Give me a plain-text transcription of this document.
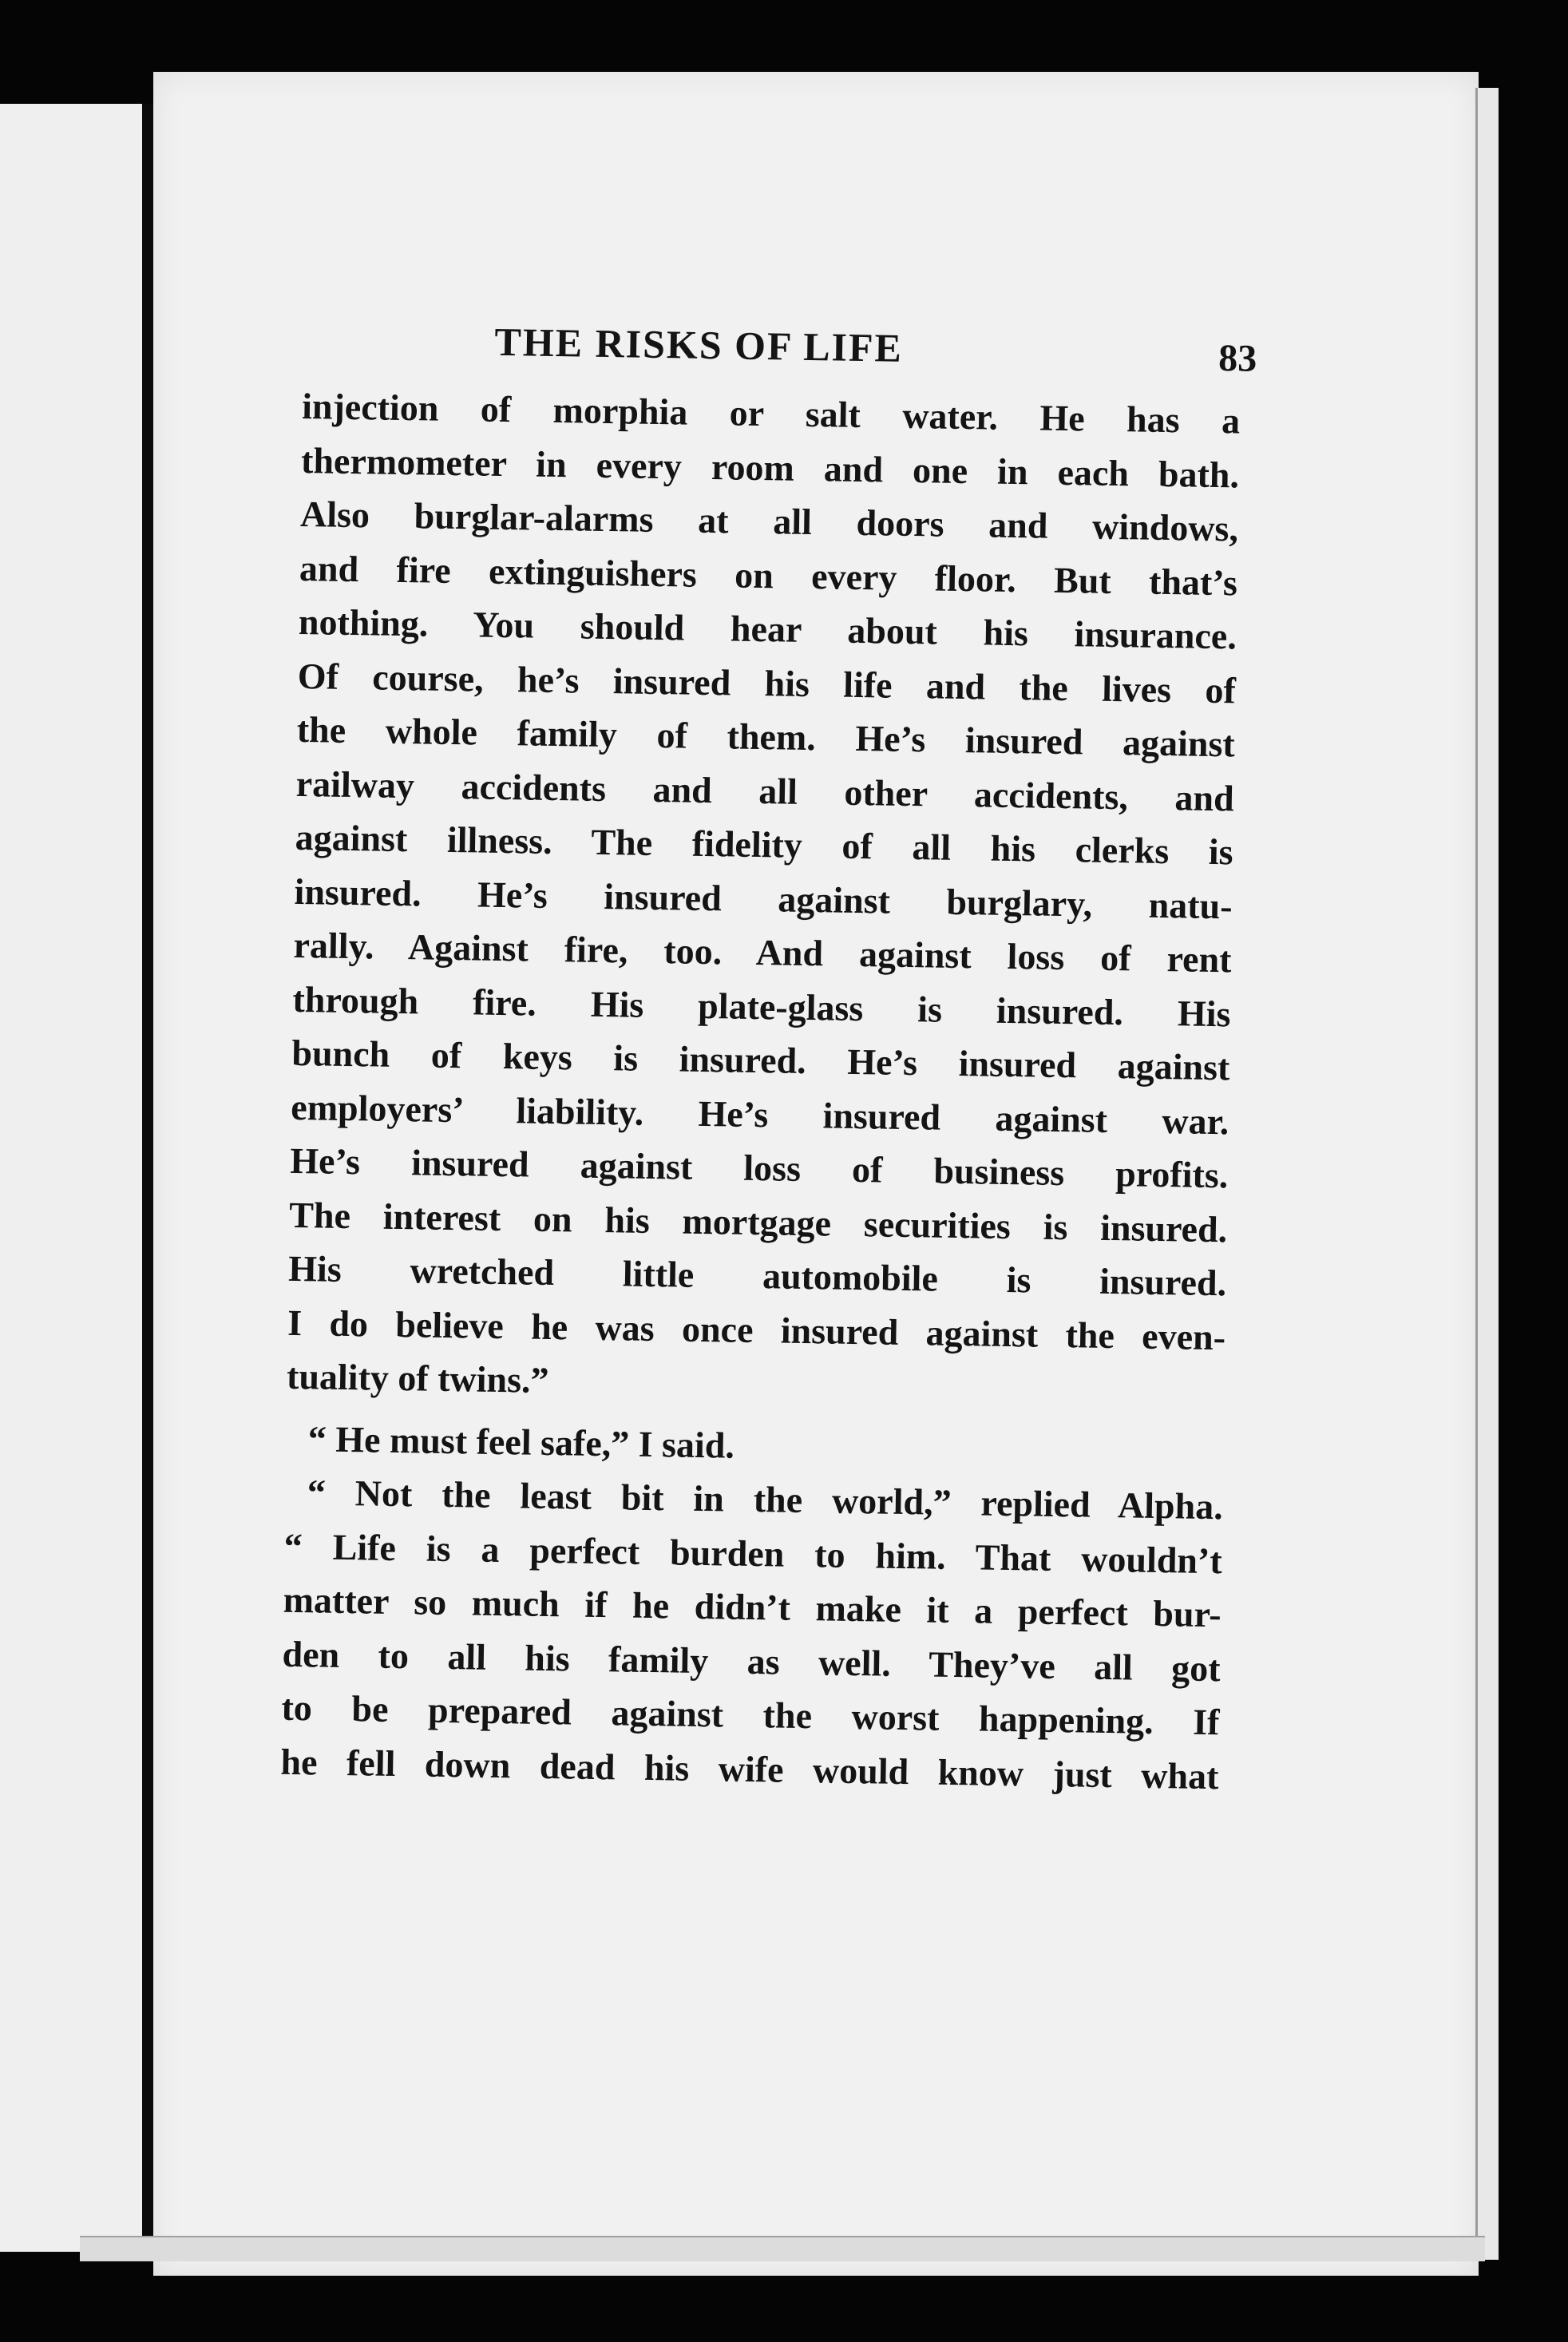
THE RISKS OF LIFE	83
injection of morphia or salt water. He has a
thermometer in every room and one in each bath.
Also burglar-alarms at all doors and windows,
and fire extinguishers on every floor. But that’s
nothing. You should hear about his insurance.
Of course, he’s insured his life and the lives of
the whole family of them. He’s insured against
railway accidents and all other accidents, and
against illness. The fidelity of all his clerks is
insured. He’s insured against burglary, natu-
rally. Against fire, too. And against loss of rent
through fire. His plate-glass is insured. His
bunch of keys is insured. He’s insured against
employers’ liability. He’s insured against war.
He’s insured against loss of business profits.
The interest on his mortgage securities is insured.
His wretched little automobile is insured.
I do believe he was once insured against the even-
tuality of twins.”
“ He must feel safe,” I said.
“ Not the least bit in the world,” replied Alpha.
“ Life is a perfect burden to him. That wouldn’t
matter so much if he didn’t make it a perfect bur-
den to all his family as well. They’ve all got
to be prepared against the worst happening. If
he fell down dead his wife would know just what
